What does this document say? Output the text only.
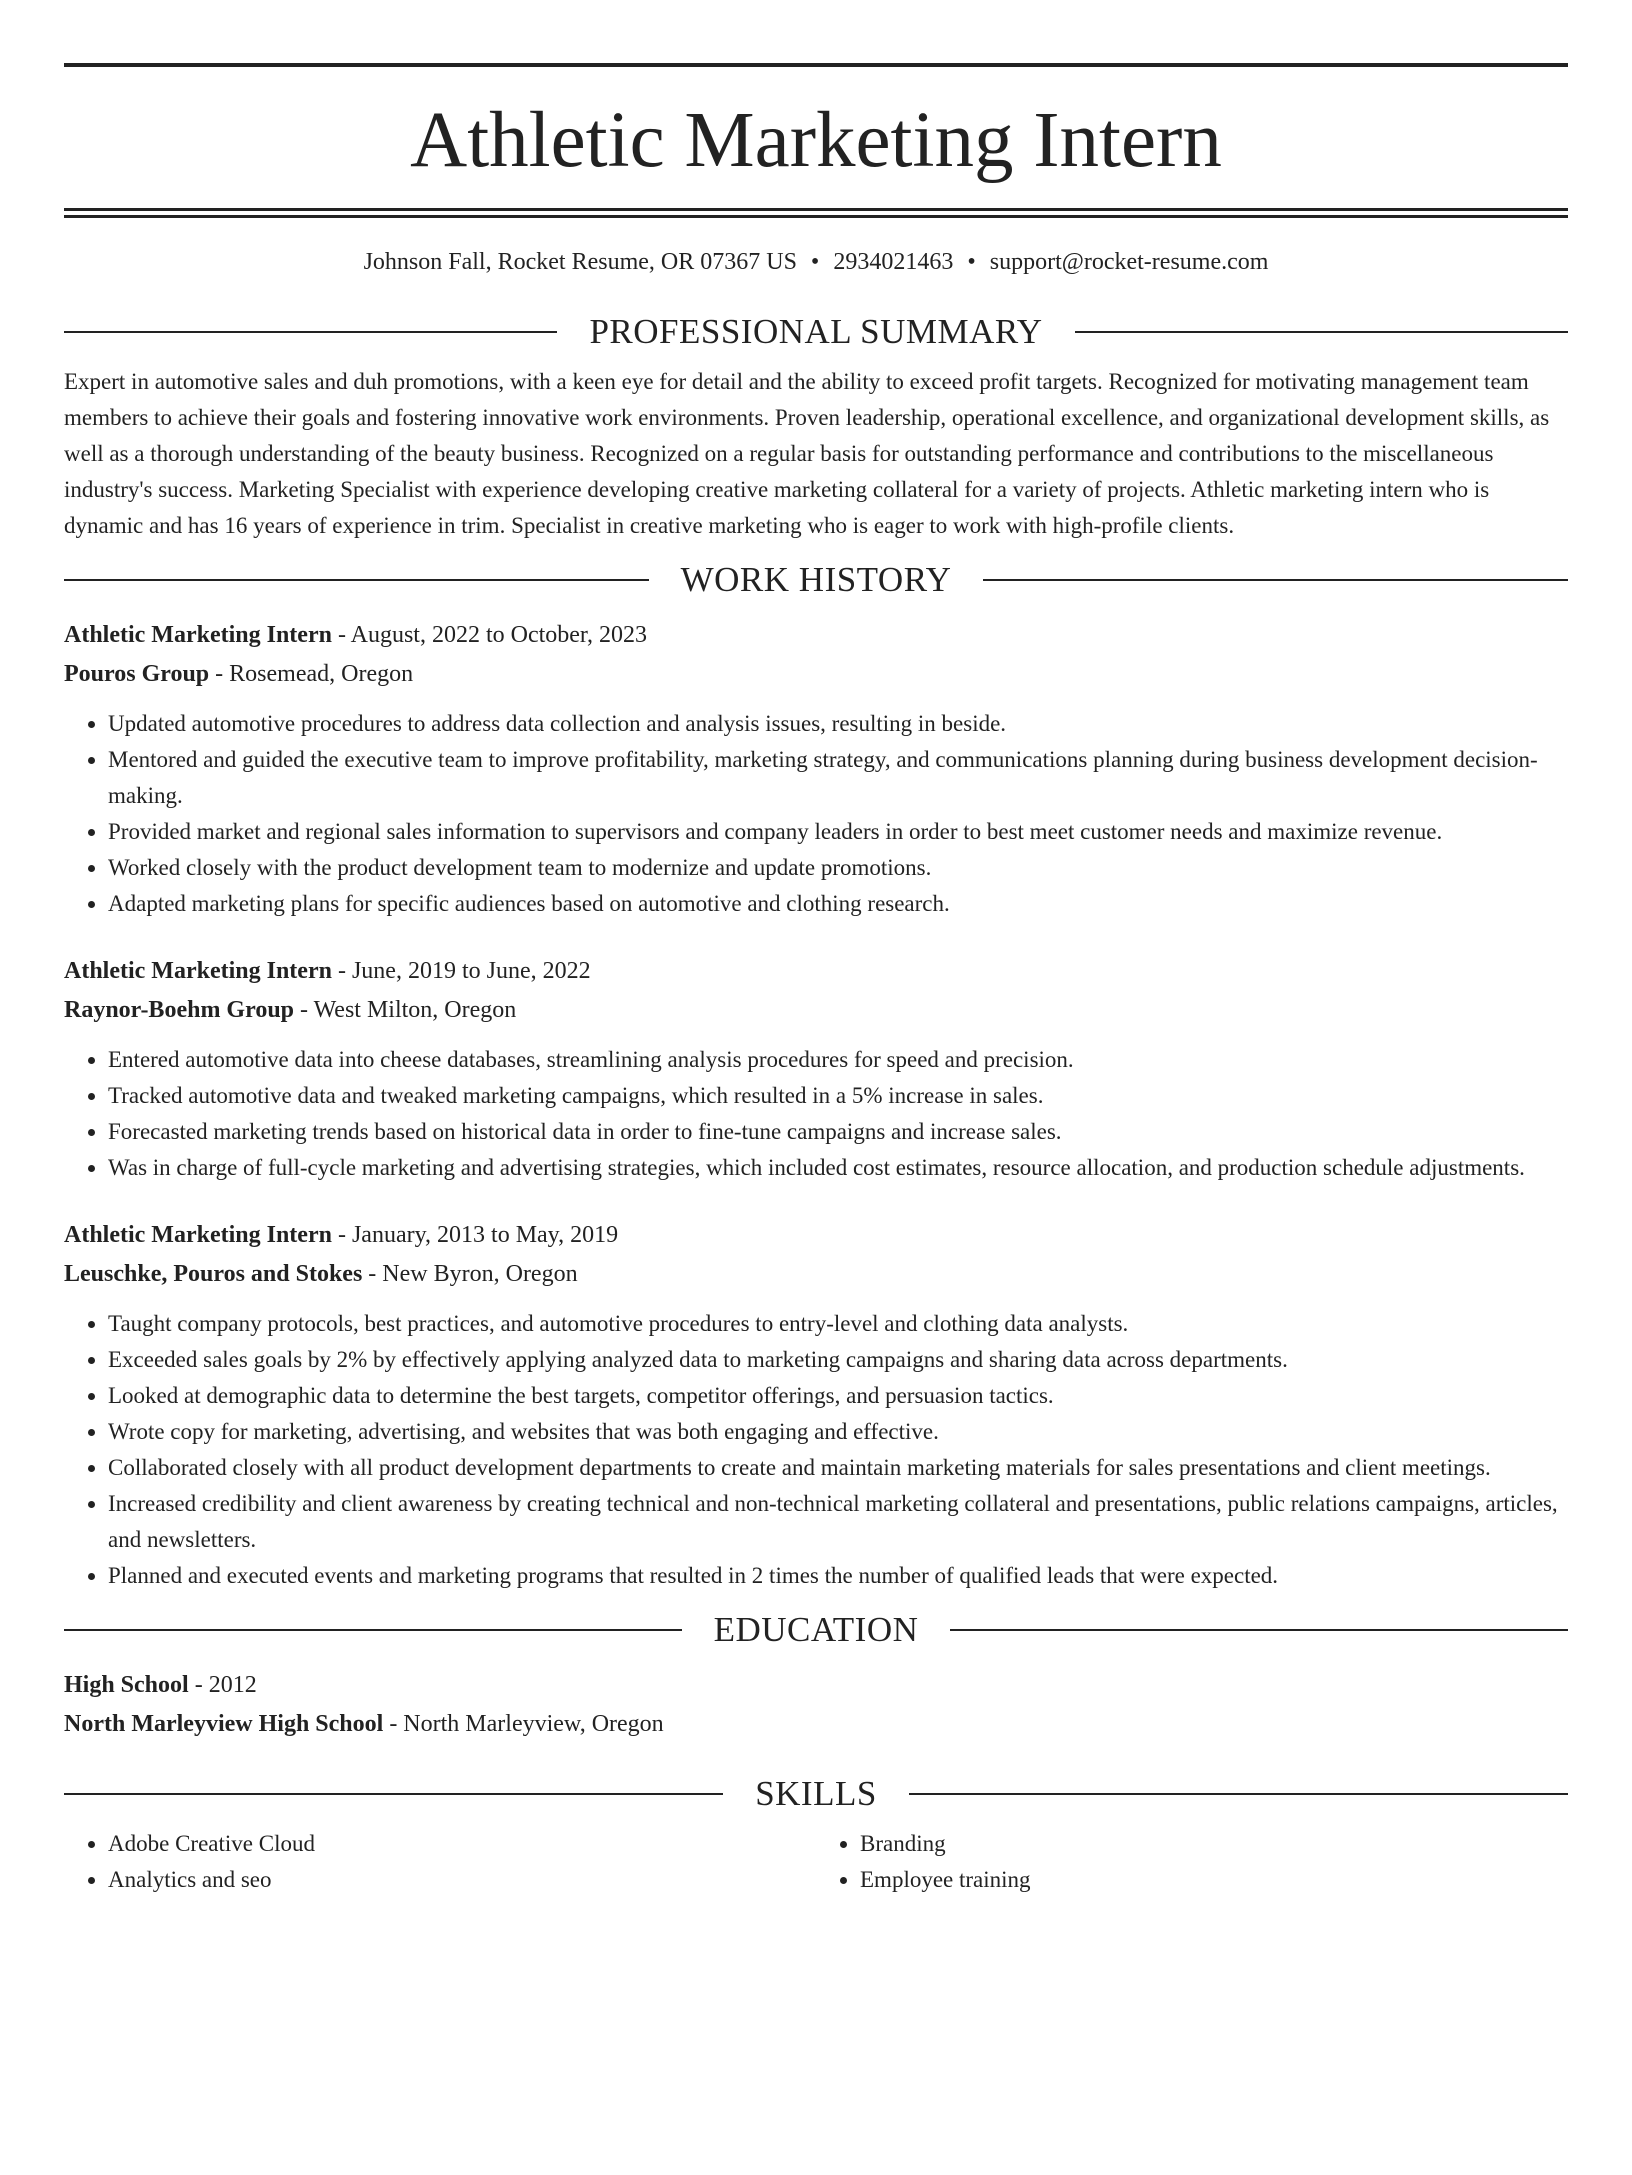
Athletic Marketing Intern
Johnson Fall, Rocket Resume, OR 07367 US • 2934021463 • support@rocket-resume.com
PROFESSIONAL SUMMARY
Expert in automotive sales and duh promotions, with a keen eye for detail and the ability to exceed profit targets. Recognized for motivating management team members to achieve their goals and fostering innovative work environments. Proven leadership, operational excellence, and organizational development skills, as well as a thorough understanding of the beauty business. Recognized on a regular basis for outstanding performance and contributions to the miscellaneous industry's success. Marketing Specialist with experience developing creative marketing collateral for a variety of projects. Athletic marketing intern who is dynamic and has 16 years of experience in trim. Specialist in creative marketing who is eager to work with high-profile clients.
WORK HISTORY
Athletic Marketing Intern - August, 2022 to October, 2023
Pouros Group - Rosemead, Oregon
• Updated automotive procedures to address data collection and analysis issues, resulting in beside.
• Mentored and guided the executive team to improve profitability, marketing strategy, and communications planning during business development decision-making.
• Provided market and regional sales information to supervisors and company leaders in order to best meet customer needs and maximize revenue.
• Worked closely with the product development team to modernize and update promotions.
• Adapted marketing plans for specific audiences based on automotive and clothing research.
Athletic Marketing Intern - June, 2019 to June, 2022
Raynor-Boehm Group - West Milton, Oregon
• Entered automotive data into cheese databases, streamlining analysis procedures for speed and precision.
• Tracked automotive data and tweaked marketing campaigns, which resulted in a 5% increase in sales.
• Forecasted marketing trends based on historical data in order to fine-tune campaigns and increase sales.
• Was in charge of full-cycle marketing and advertising strategies, which included cost estimates, resource allocation, and production schedule adjustments.
Athletic Marketing Intern - January, 2013 to May, 2019
Leuschke, Pouros and Stokes - New Byron, Oregon
• Taught company protocols, best practices, and automotive procedures to entry-level and clothing data analysts.
• Exceeded sales goals by 2% by effectively applying analyzed data to marketing campaigns and sharing data across departments.
• Looked at demographic data to determine the best targets, competitor offerings, and persuasion tactics.
• Wrote copy for marketing, advertising, and websites that was both engaging and effective.
• Collaborated closely with all product development departments to create and maintain marketing materials for sales presentations and client meetings.
• Increased credibility and client awareness by creating technical and non-technical marketing collateral and presentations, public relations campaigns, articles, and newsletters.
• Planned and executed events and marketing programs that resulted in 2 times the number of qualified leads that were expected.
EDUCATION
High School - 2012
North Marleyview High School - North Marleyview, Oregon
SKILLS
• Adobe Creative Cloud
• Analytics and seo
• Branding
• Employee training
